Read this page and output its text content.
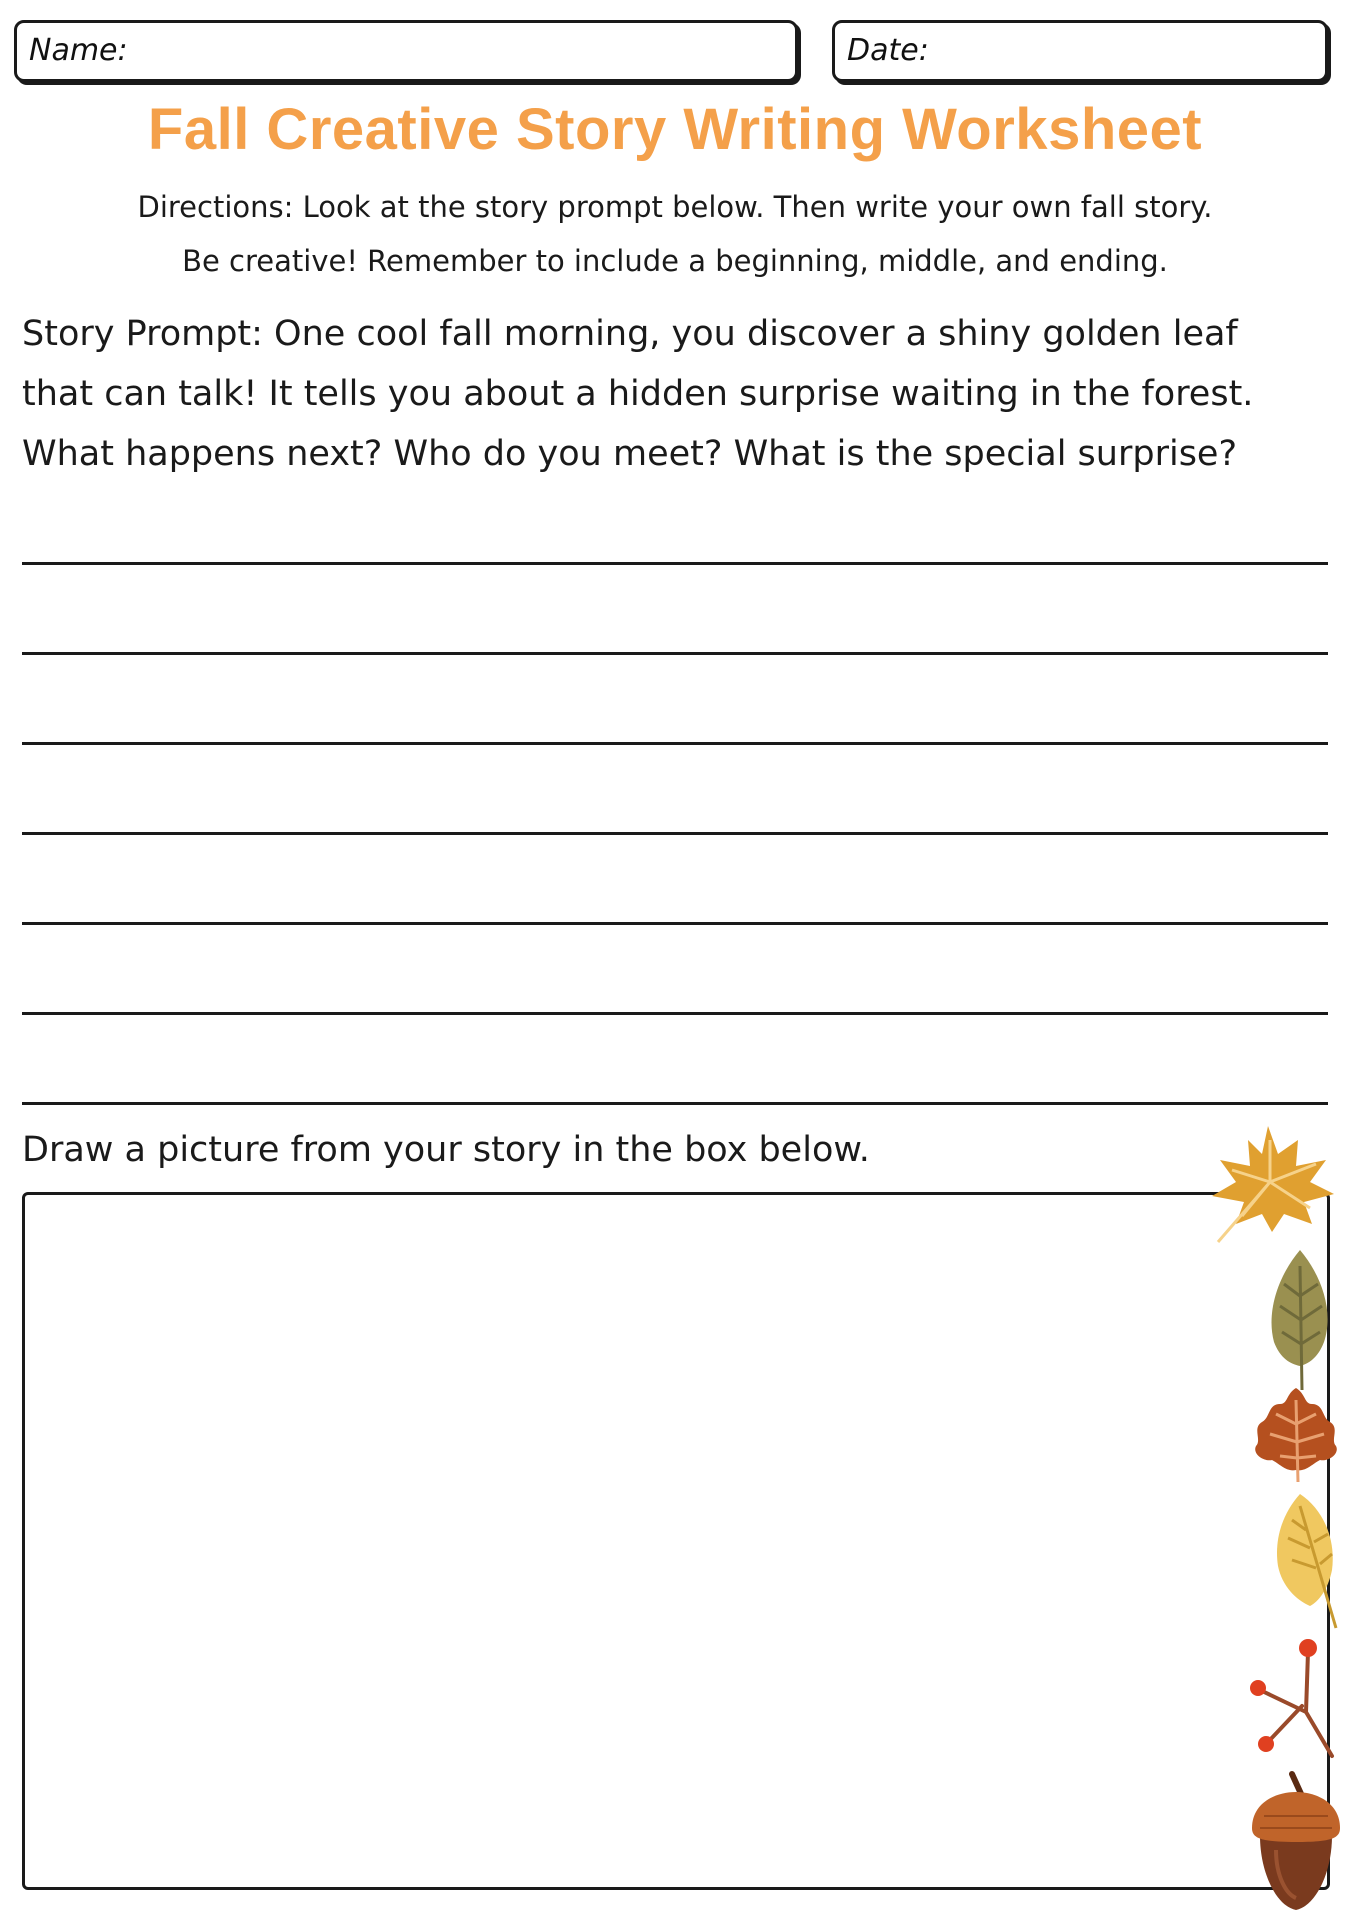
Name:	Date:
Fall Creative Story Writing Worksheet
Directions: Look at the story prompt below. Then write your own fall story.
Be creative! Remember to include a beginning, middle, and ending.
Story Prompt: One cool fall morning, you discover a shiny golden leaf
that can talk! It tells you about a hidden surprise waiting in the forest.
What happens next? Who do you meet? What is the special surprise?
Draw a picture from your story in the box below.
